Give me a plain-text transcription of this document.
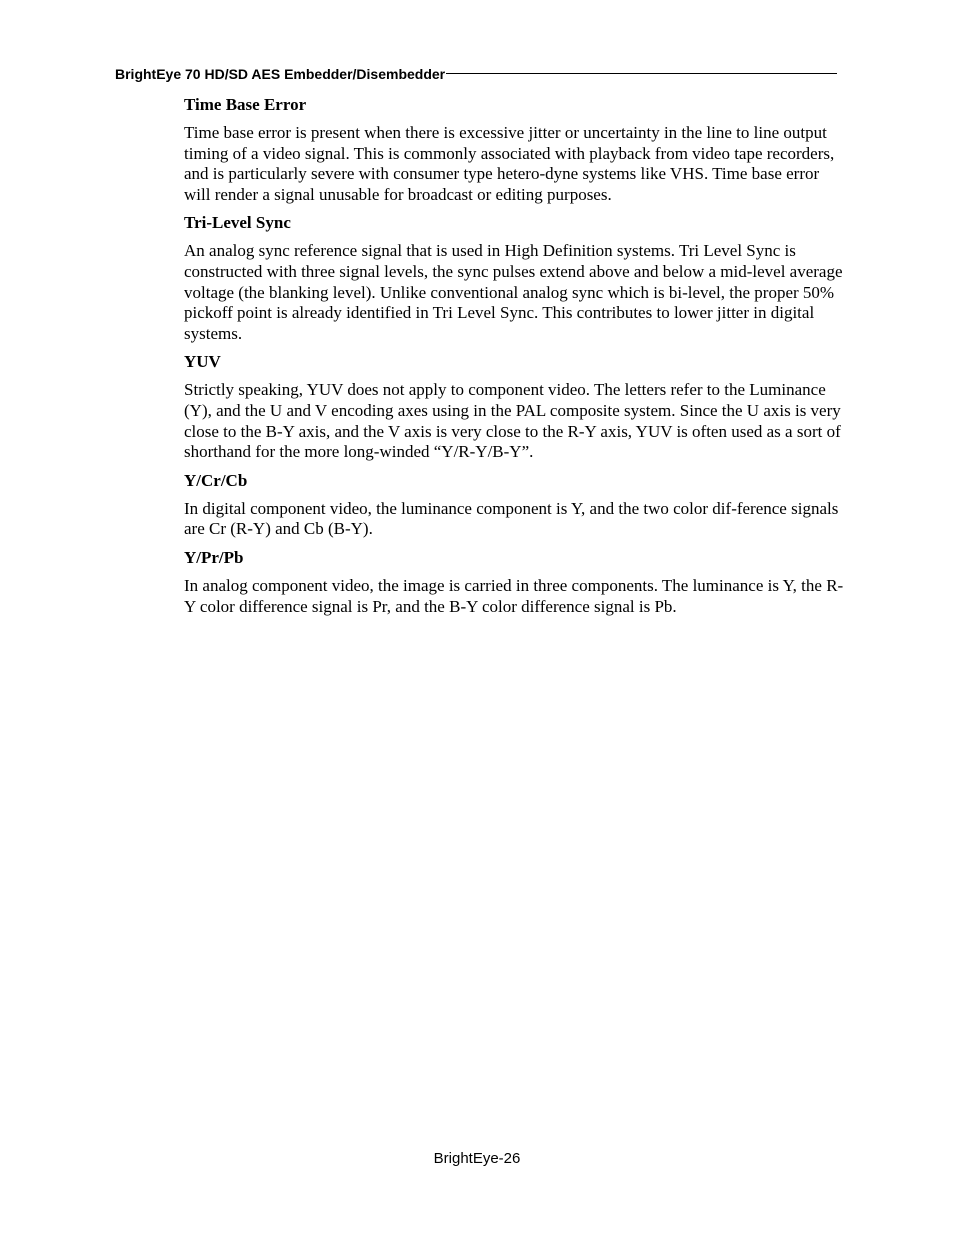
BrightEye 70 HD/SD AES Embedder/Disembedder
Time Base Error
Time base error is present when there is excessive jitter or uncertainty in the line to line output timing of a video signal. This is commonly associated with playback from video tape recorders, and is particularly severe with consumer type hetero-dyne systems like VHS. Time base error will render a signal unusable for broadcast or editing purposes.
Tri-Level Sync
An analog sync reference signal that is used in High Definition systems. Tri Level Sync is constructed with three signal levels, the sync pulses extend above and below a mid-level average voltage (the blanking level). Unlike conventional analog sync which is bi-level, the proper 50% pickoff point is already identified in Tri Level Sync. This contributes to lower jitter in digital systems.
YUV
Strictly speaking, YUV does not apply to component video. The letters refer to the Luminance (Y), and the U and V encoding axes using in the PAL composite system. Since the U axis is very close to the B-Y axis, and the V axis is very close to the R-Y axis, YUV is often used as a sort of shorthand for the more long-winded “Y/R-Y/B-Y”.
Y/Cr/Cb
In digital component video, the luminance component is Y, and the two color dif-ference signals are Cr (R-Y) and Cb (B-Y).
Y/Pr/Pb
In analog component video, the image is carried in three components. The luminance is Y, the R-Y color difference signal is Pr, and the B-Y color difference signal is Pb.
BrightEye-26
